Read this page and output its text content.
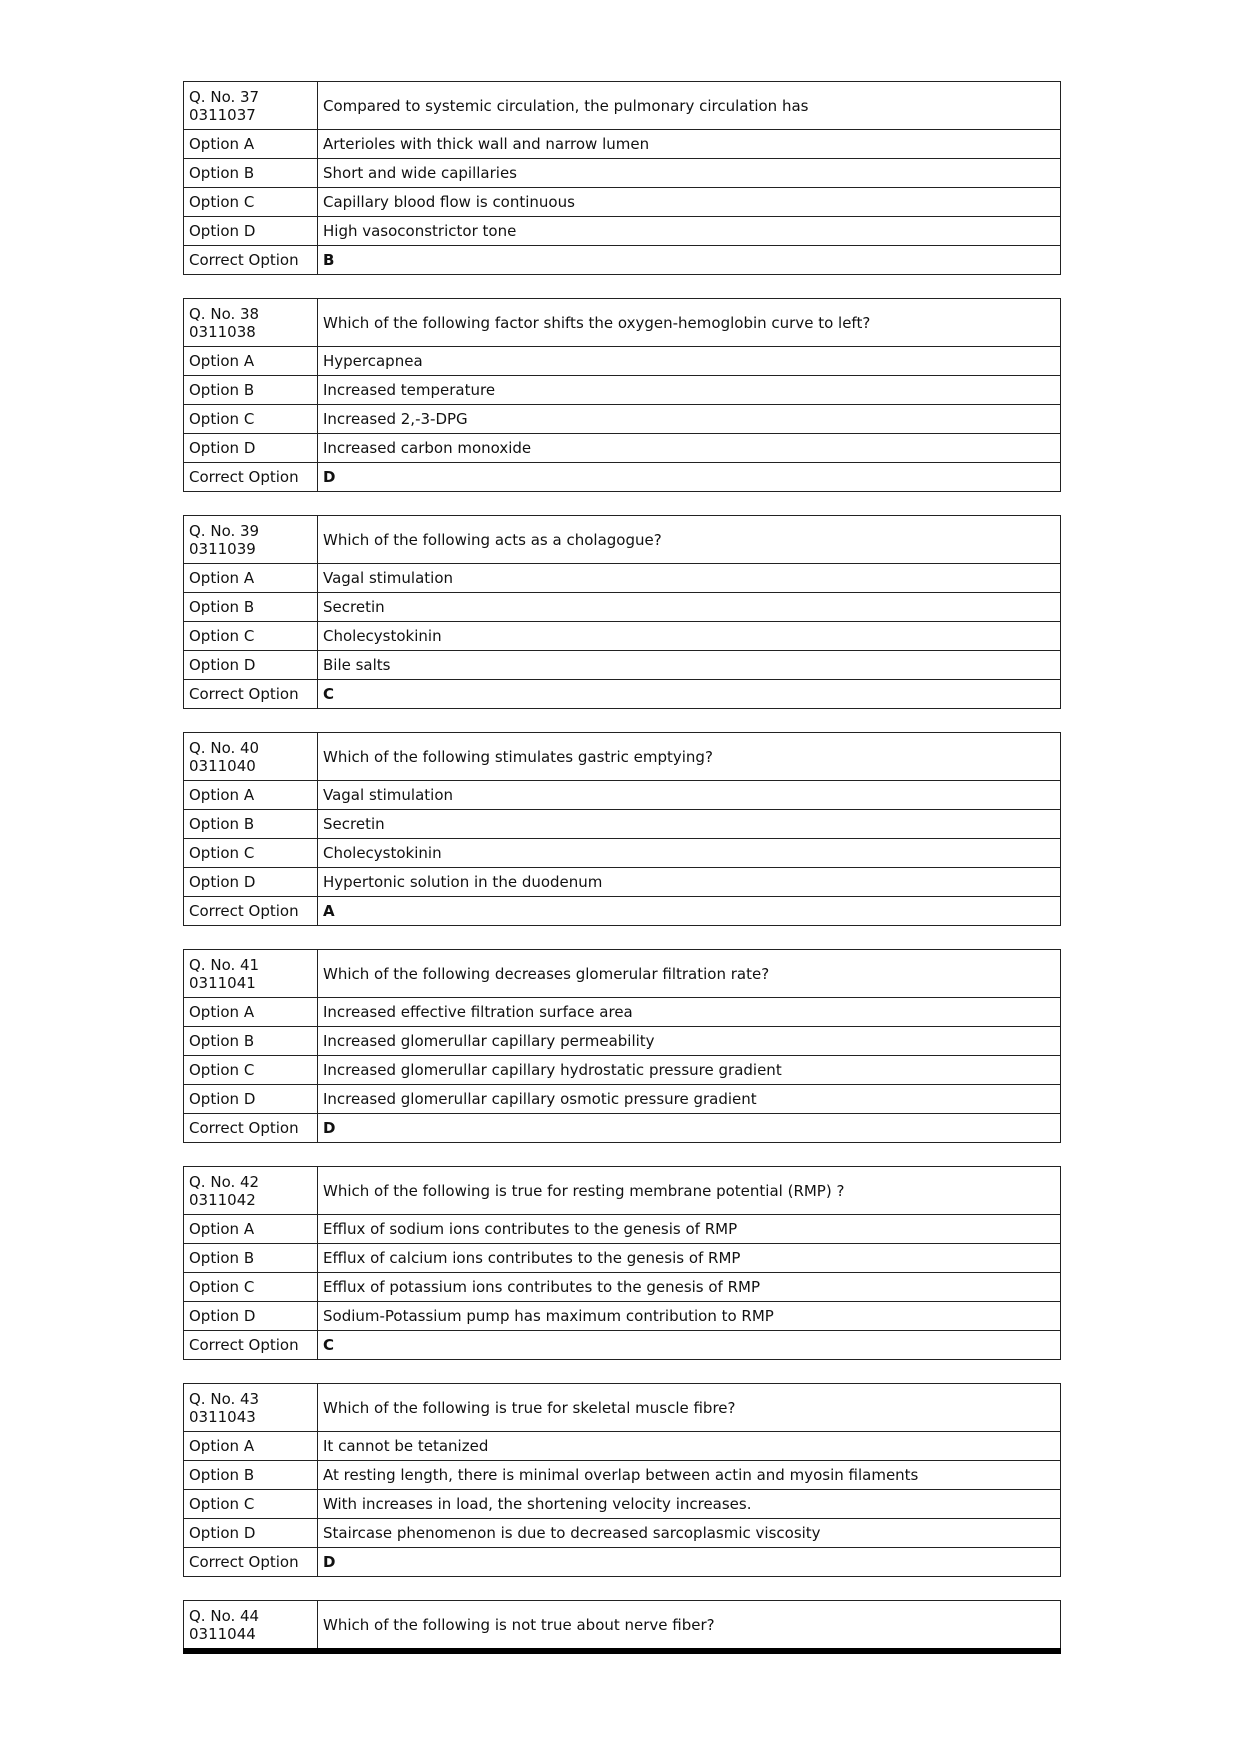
Q. No. 37
0311037	Compared to systemic circulation, the pulmonary circulation has
Option A	Arterioles with thick wall and narrow lumen
Option B	Short and wide capillaries
Option C	Capillary blood flow is continuous
Option D	High vasoconstrictor tone
Correct Option	B
Q. No. 38
0311038	Which of the following factor shifts the oxygen-hemoglobin curve to left?
Option A	Hypercapnea
Option B	Increased temperature
Option C	Increased 2,-3-DPG
Option D	Increased carbon monoxide
Correct Option	D
Q. No. 39
0311039	Which of the following acts as a cholagogue?
Option A	Vagal stimulation
Option B	Secretin
Option C	Cholecystokinin
Option D	Bile salts
Correct Option	C
Q. No. 40
0311040	Which of the following stimulates gastric emptying?
Option A	Vagal stimulation
Option B	Secretin
Option C	Cholecystokinin
Option D	Hypertonic solution in the duodenum
Correct Option	A
Q. No. 41
0311041	Which of the following decreases glomerular filtration rate?
Option A	Increased effective filtration surface area
Option B	Increased glomerullar capillary permeability
Option C	Increased glomerullar capillary hydrostatic pressure gradient
Option D	Increased glomerullar capillary osmotic pressure gradient
Correct Option	D
Q. No. 42
0311042	Which of the following is true for resting membrane potential (RMP) ?
Option A	Efflux of sodium ions contributes to the genesis of RMP
Option B	Efflux of calcium ions contributes to the genesis of RMP
Option C	Efflux of potassium ions contributes to the genesis of RMP
Option D	Sodium-Potassium pump has maximum contribution to RMP
Correct Option	C
Q. No. 43
0311043	Which of the following is true for skeletal muscle fibre?
Option A	It cannot be tetanized
Option B	At resting length, there is minimal overlap between actin and myosin filaments
Option C	With increases in load, the shortening velocity increases.
Option D	Staircase phenomenon is due to decreased sarcoplasmic viscosity
Correct Option	D
Q. No. 44
0311044	Which of the following is not true about nerve fiber?
